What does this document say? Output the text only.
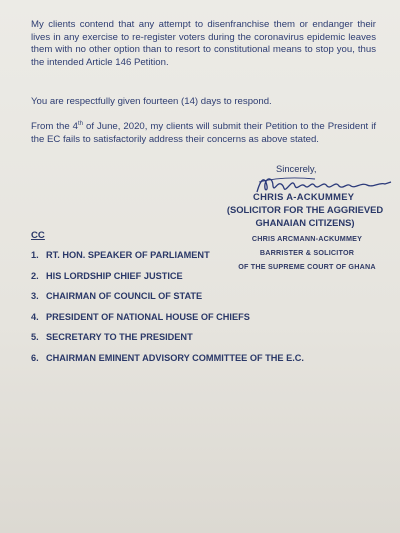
My clients contend that any attempt to disenfranchise them or endanger their lives in any exercise to re-register voters during the coronavirus epidemic leaves them with no other option than to resort to constitutional means to stop you, thus the intended Article 146 Petition.

You are respectfully given fourteen (14) days to respond.

From the 4th of June, 2020, my clients will submit their Petition to the President if the EC fails to satisfactorily address their concerns as above stated.

Sincerely,
CHRIS A-ACKUMMEY
(SOLICITOR FOR THE AGGRIEVED
GHANAIAN CITIZENS)
CHRIS ARCMANN-ACKUMMEY
BARRISTER & SOLICITOR
OF THE SUPREME COURT OF GHANA
CC
1. RT. HON. SPEAKER OF PARLIAMENT
2. HIS LORDSHIP CHIEF JUSTICE
3. CHAIRMAN OF COUNCIL OF STATE
4. PRESIDENT OF NATIONAL HOUSE OF CHIEFS
5. SECRETARY TO THE PRESIDENT
6. CHAIRMAN EMINENT ADVISORY COMMITTEE OF THE E.C.
